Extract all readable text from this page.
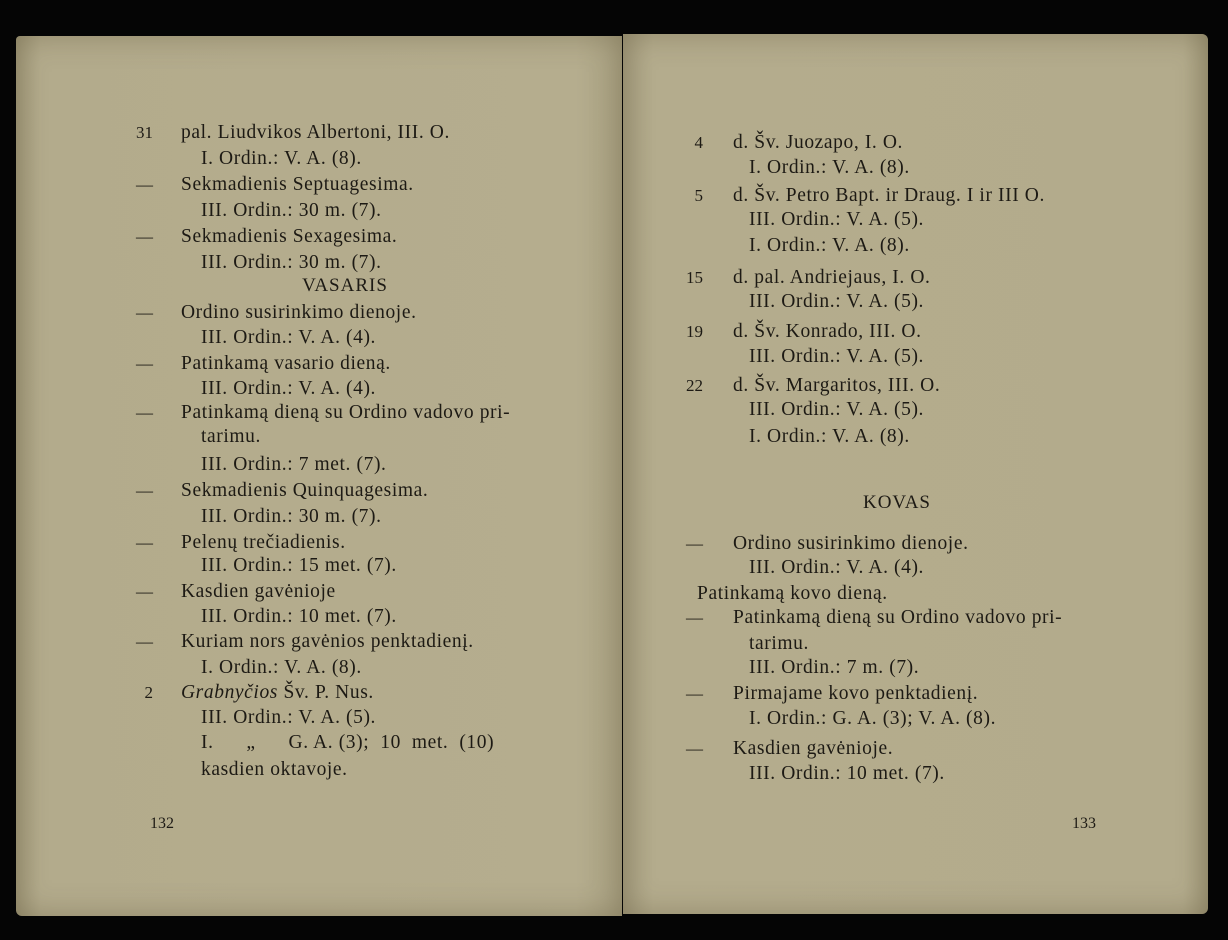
132	133
31 pal. Liudvikos Albertoni, III. O.
I. Ordin.: V. A. (8).
— Sekmadienis Septuagesima.
III. Ordin.: 30 m. (7).
— Sekmadienis Sexagesima.
III. Ordin.: 30 m. (7).
VASARIS
— Ordino susirinkimo dienoje.
III. Ordin.: V. A. (4).
— Patinkamą vasario dieną.
III. Ordin.: V. A. (4).
— Patinkamą dieną su Ordino vadovo pri-
tarimu.
III. Ordin.: 7 met. (7).
— Sekmadienis Quinquagesima.
III. Ordin.: 30 m. (7).
— Pelenų trečiadienis.
III. Ordin.: 15 met. (7).
— Kasdien gavėnioje
III. Ordin.: 10 met. (7).
— Kuriam nors gavėnios penktadienį.
I. Ordin.: V. A. (8).
2 Grabnyčios Šv. P. Nus.
III. Ordin.: V. A. (5).
I.      „      G. A. (3);  10  met.  (10)
kasdien oktavoje.
4 d. Šv. Juozapo, I. O.
I. Ordin.: V. A. (8).
5 d. Šv. Petro Bapt. ir Draug. I ir III O.
III. Ordin.: V. A. (5).
I. Ordin.: V. A. (8).
15 d. pal. Andriejaus, I. O.
III. Ordin.: V. A. (5).
19 d. Šv. Konrado, III. O.
III. Ordin.: V. A. (5).
22 d. Šv. Margaritos, III. O.
III. Ordin.: V. A. (5).
I. Ordin.: V. A. (8).
KOVAS
— Ordino susirinkimo dienoje.
III. Ordin.: V. A. (4).
Patinkamą kovo dieną.
— Patinkamą dieną su Ordino vadovo pri-
tarimu.
III. Ordin.: 7 m. (7).
— Pirmajame kovo penktadienį.
I. Ordin.: G. A. (3); V. A. (8).
— Kasdien gavėnioje.
III. Ordin.: 10 met. (7).
